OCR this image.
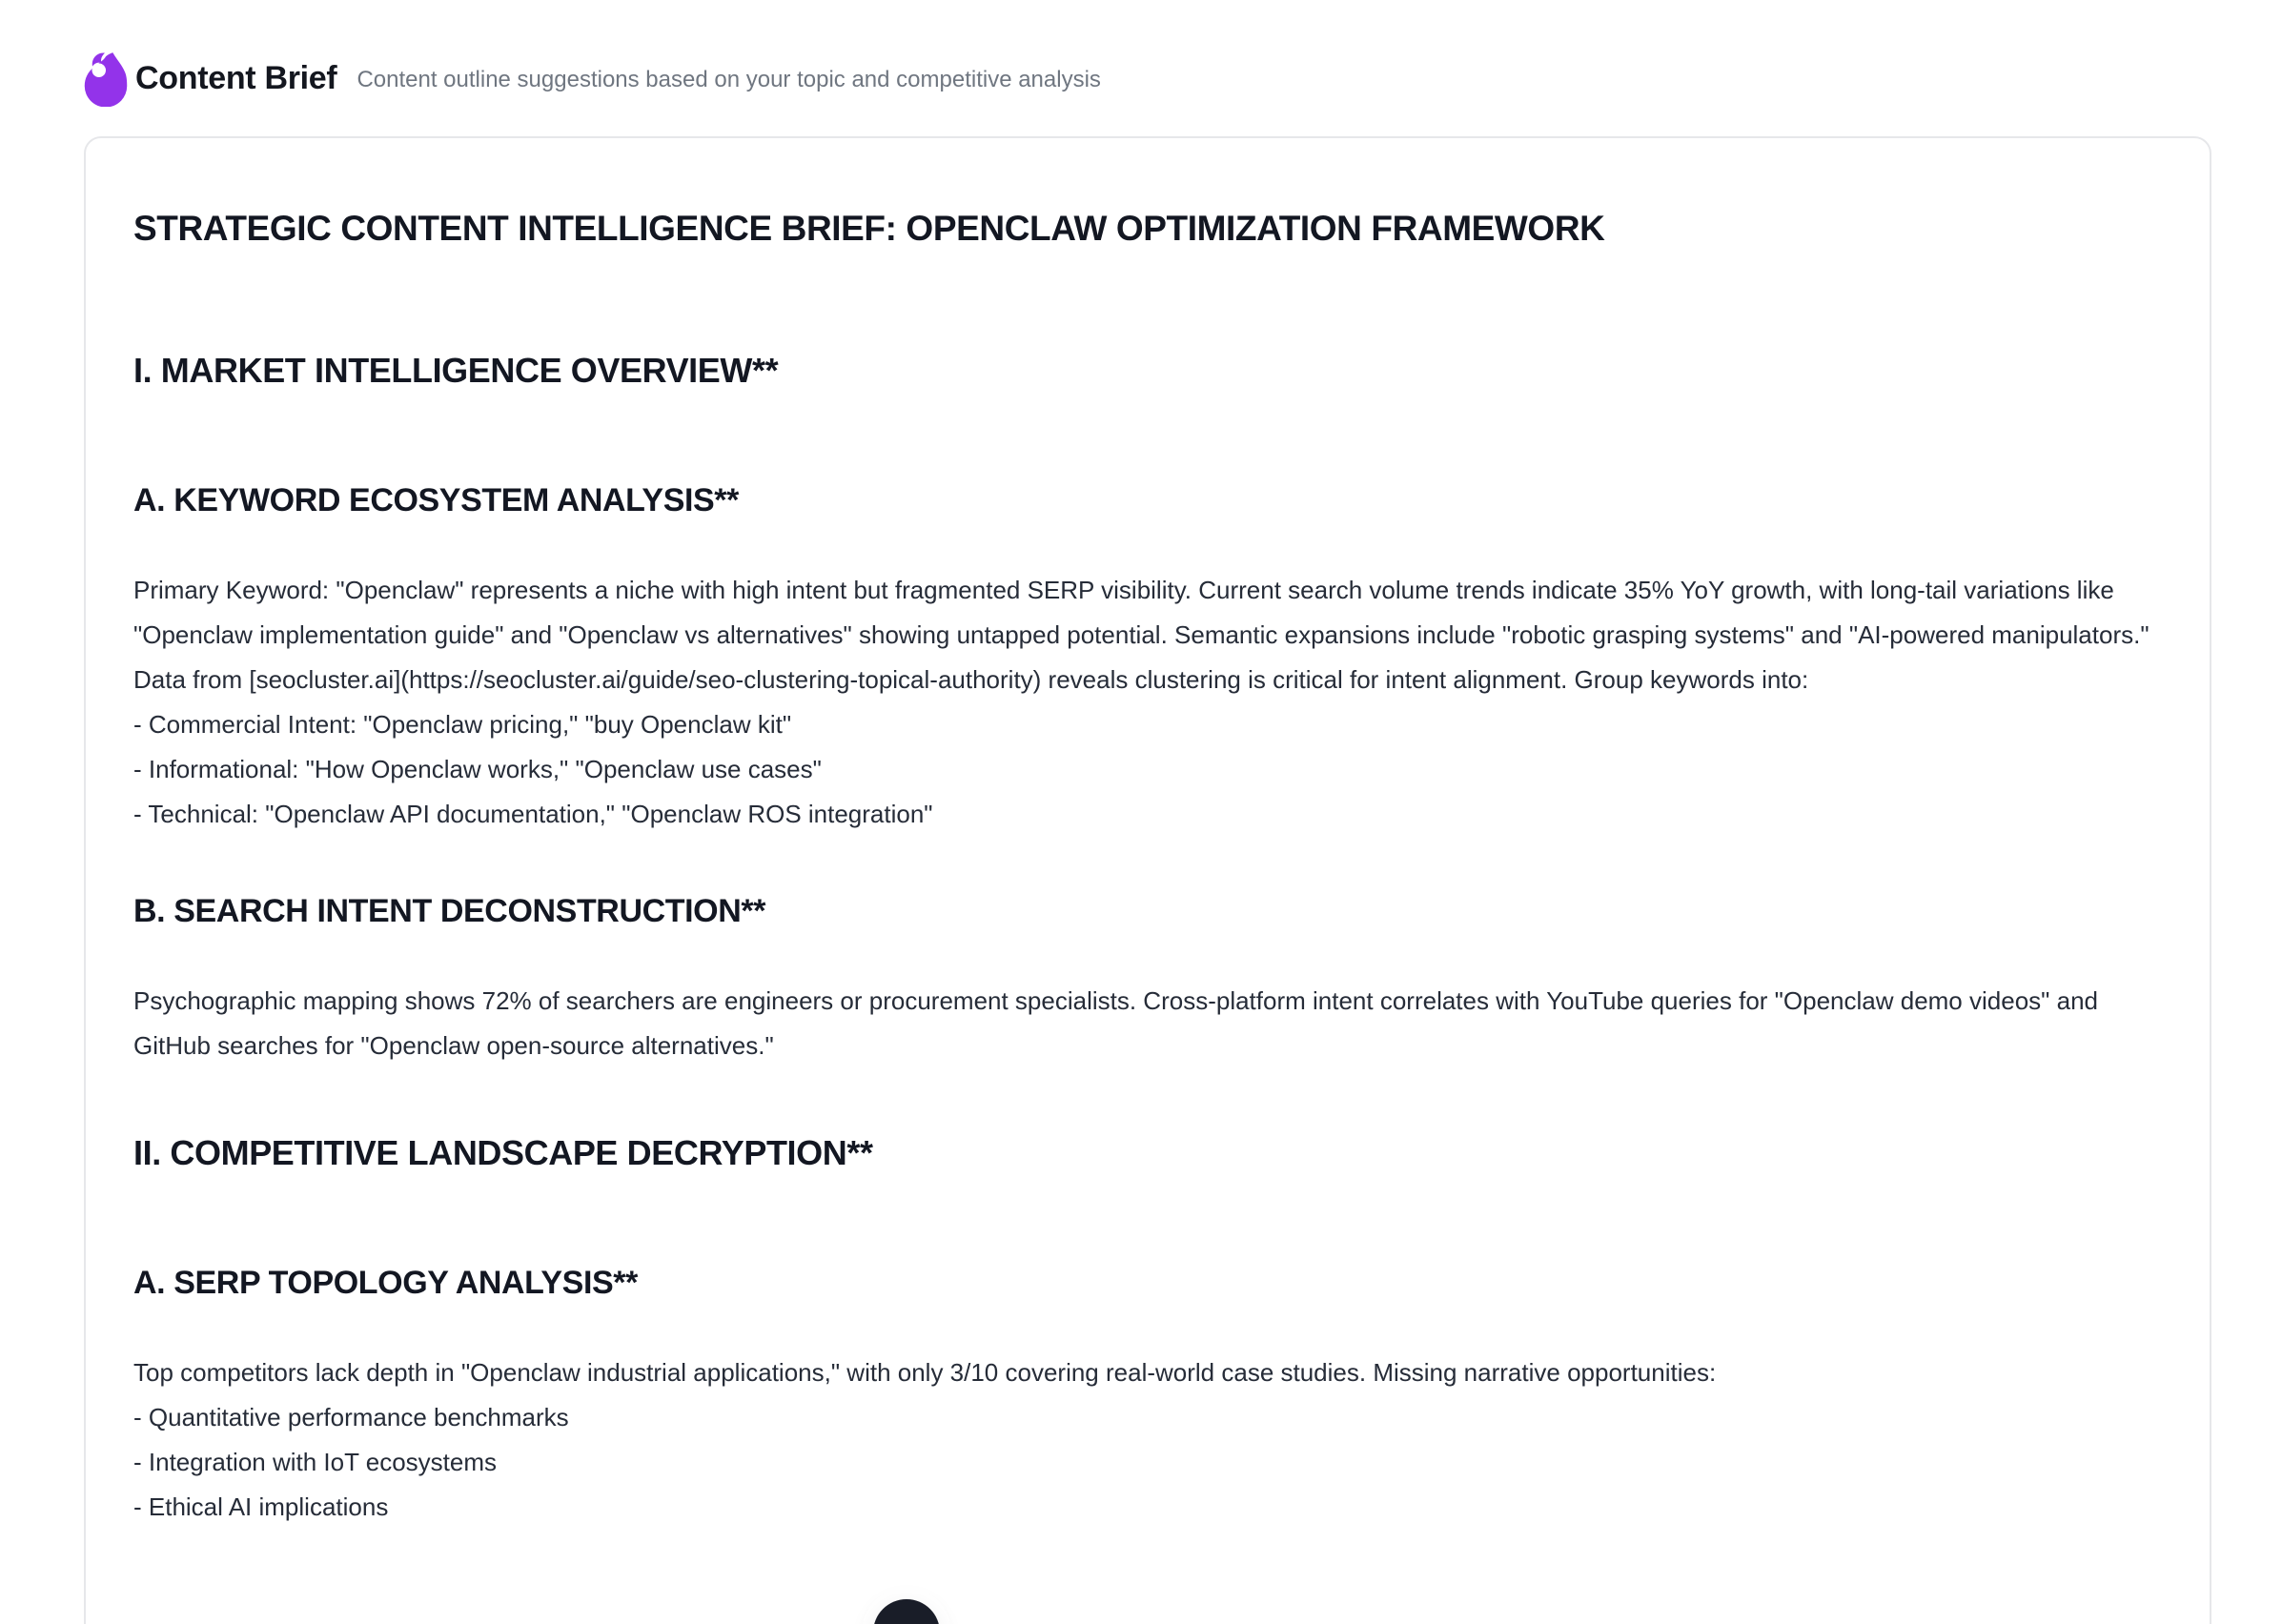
Content Brief Content outline suggestions based on your topic and competitive analysis
STRATEGIC CONTENT INTELLIGENCE BRIEF: OPENCLAW OPTIMIZATION FRAMEWORK
I. MARKET INTELLIGENCE OVERVIEW**
A. KEYWORD ECOSYSTEM ANALYSIS**

Primary Keyword: "Openclaw" represents a niche with high intent but fragmented SERP visibility. Current search volume trends indicate 35% YoY growth, with long-tail variations like "Openclaw implementation guide" and "Openclaw vs alternatives" showing untapped potential. Semantic expansions include "robotic grasping systems" and "AI-powered manipulators."

Data from [seocluster.ai](https://seocluster.ai/guide/seo-clustering-topical-authority) reveals clustering is critical for intent alignment. Group keywords into:

- Commercial Intent: "Openclaw pricing," "buy Openclaw kit"

- Informational: "How Openclaw works," "Openclaw use cases"

- Technical: "Openclaw API documentation," "Openclaw ROS integration"

B. SEARCH INTENT DECONSTRUCTION**

Psychographic mapping shows 72% of searchers are engineers or procurement specialists. Cross-platform intent correlates with YouTube queries for "Openclaw demo videos" and GitHub searches for "Openclaw open-source alternatives."

II. COMPETITIVE LANDSCAPE DECRYPTION**
A. SERP TOPOLOGY ANALYSIS**

Top competitors lack depth in "Openclaw industrial applications," with only 3/10 covering real-world case studies. Missing narrative opportunities:

- Quantitative performance benchmarks

- Integration with IoT ecosystems

- Ethical AI implications
